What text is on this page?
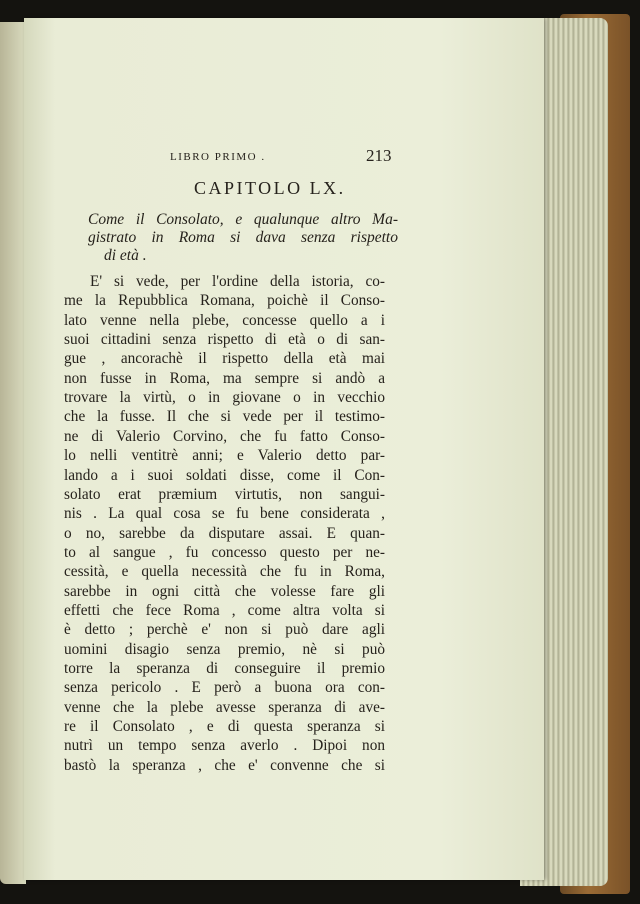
LIBRO PRIMO .	213
CAPITOLO LX.
Come il Consolato, e qualunque altro Ma-
gistrato in Roma si dava senza rispetto
di età .
E' si vede, per l'ordine della istoria, co-
me la Repubblica Romana, poichè il Conso-
lato venne nella plebe, concesse quello a i
suoi cittadini senza rispetto di età o di san-
gue , ancorachè il rispetto della età mai
non fusse in Roma, ma sempre si andò a
trovare la virtù, o in giovane o in vecchio
che la fusse. Il che si vede per il testimo-
ne di Valerio Corvino, che fu fatto Conso-
lo nelli ventitrè anni; e Valerio detto par-
lando a i suoi soldati disse, come il Con-
solato erat præmium virtutis, non sangui-
nis . La qual cosa se fu bene considerata ,
o no, sarebbe da disputare assai. E quan-
to al sangue , fu concesso questo per ne-
cessità, e quella necessità che fu in Roma,
sarebbe in ogni città che volesse fare gli
effetti che fece Roma , come altra volta si
è detto ; perchè e' non si può dare agli
uomini disagio senza premio, nè si può
torre la speranza di conseguire il premio
senza pericolo . E però a buona ora con-
venne che la plebe avesse speranza di ave-
re il Consolato , e di questa speranza si
nutrì un tempo senza averlo . Dipoi non
bastò la speranza , che e' convenne che si
